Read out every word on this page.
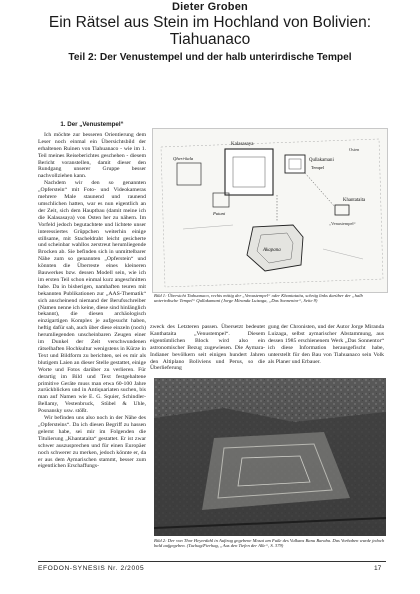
Dieter Groben
Ein Rätsel aus Stein im Hochland von Bolivien:
Tiahuanaco
Teil 2: Der Venustempel und der halb unterirdische Tempel
1. Der „Venustempel“

Ich möchte zur besseren Orientierung dem Leser noch einmal ein Übersichtsbild der erhaltenen Ruinen von Tiahuanaco - wie im 1. Teil meines Reiseberichtes geschehen - diesem Bericht voranstellen, damit dieser den Rundgang unserer Gruppe besser nachvollziehen kann.

Nachdem wir den so genannten „Opferstein“ mit Foto- und Videokameras mehrere Male staunend und raunend umschlichen hatten, war es nun eigentlich an der Zeit, sich dem Hauptbau (damit meine ich die Kalasasaya) von Osten her zu nähern. Im Vorfeld jedoch begutachtete und lichtete unser interessiertes Grüppchen weiterhin einige stillsame, mit Stacheldraht leicht gesicherte und scheinbar wahllos zerstreut herumliegende Brocken ab. Sie befinden sich in unmittelbarer Nähe zum so genannten „Opferstein“ und könnten die Überreste eines kleineren Bauwerkes bzw. dessen Modell sein, wie ich im ersten Teil schon einmal kurz angeschnitten habe. Da in bisherigen, namhaften teuren mit bekannten Publikationen zur „AAS-Thematik“ sich anscheinend niemand der Berufsschreiber (Namen nenne ich keine, diese sind hinlänglich bekannt), die diesen archäologisch einzigartigen Komplex je aufgesucht haben, heftig dafür sah, auch über diese einzeln (noch) herumliegenden unscheinbaren Zeugen einer im Dunkel der Zeit verschwundenen rätselhaften Hochkultur wenigstens in Kürze in Text und Bildform zu berichten, sei es mir als blutigem Laien an dieser Stelle gestattet, einige Worte und Fotos darüber zu verlieren. Für derartig im Bild und Text festgehaltene primitive Geräte muss man etwa 60-100 Jahre zurückblicken und in Antiquariaten suchen, bis man auf Namen wie E. G. Squier, Schindler-Bellamy, Vestenbruck, Stübel & Uhle, Posnansky usw. stößt.

Wir befinden uns also noch in der Nähe des „Opfersteins“. Da ich diesen Begriff zu hassen gelernt habe, sei mir im Folgenden die Titulierung „Khantataita“ gestattet. Er ist zwar schwer auszusprechen und für einen Europäer noch schwerer zu merken, jedoch könnte er, da er aus dem Aymarischen stammt, besser zum eigentlichen Erschaffungs-

Kalasasaya
Qheri-kala
Putuni
Qullakamani
Tempel
Khantataita
Akapana
Osten
„Venustempel“
Bild 1: Übersicht Tiahuanaco, rechts mittig der „Venustempel“ oder Khantataita, schräg links darüber der „halb unterirdische Tempel“ Qullakamani (Jorge Miranda Luizaga, „Das Sonnentor“, Seite 9)
zweck des Letzteren passen. Übersetzt bedeutet Kanthataita „Venustempel“. Diesem eigentümlichen Block wird also ein astronomischer Bezug zugewiesen. Die Aymara-Indianer bevölkern seit einigen hundert Jahren den Altiplano Boliviens und Perus, so die Überlieferung
gung der Chronisten, und der Autor Jorge Miranda Luizaga, selbst aymarischer Abstammung, aus dessen 1985 erschienenem Werk „Das Sonnentor“ ich diese Information herausgefischt habe, unterstellt für den Bau von Tiahuanaco sein Volk als Planer und Erbauer.
Bild 2: Der von Thor Heyerdahl in Auftrag gegebene Mosai am Fuße des Vulkans Banu Baraba. Das Vorhaben wurde jedoch bald aufgegeben. (Tuchag/Fierhag, „Aus den Tiefen der Alle“, S. 379)
EFODON-SYNESIS Nr. 2/2005	17
